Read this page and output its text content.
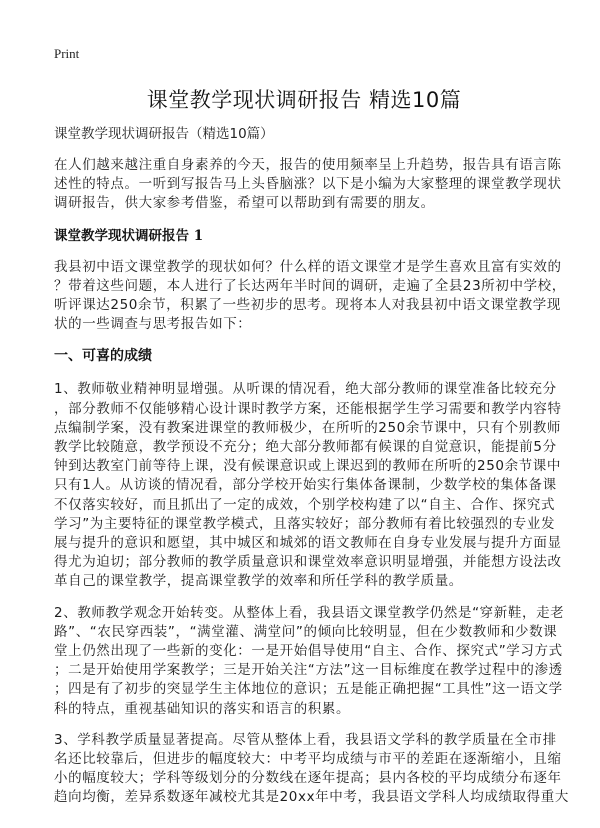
Print
课堂教学现状调研报告 精选10篇
课堂教学现状调研报告（精选10篇）

在人们越来越注重自身素养的今天，报告的使用频率呈上升趋势，报告具有语言陈
述性的特点。一听到写报告马上头昏脑涨？以下是小编为大家整理的课堂教学现状
调研报告，供大家参考借鉴，希望可以帮助到有需要的朋友。

课堂教学现状调研报告 1

我县初中语文课堂教学的现状如何？什么样的语文课堂才是学生喜欢且富有实效的
？带着这些问题，本人进行了长达两年半时间的调研，走遍了全县23所初中学校，
听评课达250余节，积累了一些初步的思考。现将本人对我县初中语文课堂教学现
状的一些调查与思考报告如下：

一、可喜的成绩

1、教师敬业精神明显增强。从听课的情况看，绝大部分教师的课堂准备比较充分
，部分教师不仅能够精心设计课时教学方案，还能根据学生学习需要和教学内容特
点编制学案，没有教案进课堂的教师极少，在所听的250余节课中，只有个别教师
教学比较随意，教学预设不充分；绝大部分教师都有候课的自觉意识，能提前5分
钟到达教室门前等待上课，没有候课意识或上课迟到的教师在所听的250余节课中
只有1人。从访谈的情况看，部分学校开始实行集体备课制，少数学校的集体备课
不仅落实较好，而且抓出了一定的成效，个别学校构建了以“自主、合作、探究式
学习”为主要特征的课堂教学模式，且落实较好；部分教师有着比较强烈的专业发
展与提升的意识和愿望，其中城区和城郊的语文教师在自身专业发展与提升方面显
得尤为迫切；部分教师的教学质量意识和课堂效率意识明显增强，并能想方设法改
革自己的课堂教学，提高课堂教学的效率和所任学科的教学质量。

2、教师教学观念开始转变。从整体上看，我县语文课堂教学仍然是“穿新鞋，走老
路”、“农民穿西装”，“满堂灌、满堂问”的倾向比较明显，但在少数教师和少数课
堂上仍然出现了一些新的变化：一是开始倡导使用“自主、合作、探究式”学习方式
；二是开始使用学案教学；三是开始关注“方法”这一目标维度在教学过程中的渗透
；四是有了初步的突显学生主体地位的意识；五是能正确把握“工具性”这一语文学
科的特点，重视基础知识的落实和语言的积累。

3、学科教学质量显著提高。尽管从整体上看，我县语文学科的教学质量在全市排
名还比较靠后，但进步的幅度较大：中考平均成绩与市平的差距在逐渐缩小，且缩
小的幅度较大；学科等级划分的分数线在逐年提高；县内各校的平均成绩分布逐年
趋向均衡，差异系数逐年减校尤其是20xx年中考，我县语文学科人均成绩取得重大
